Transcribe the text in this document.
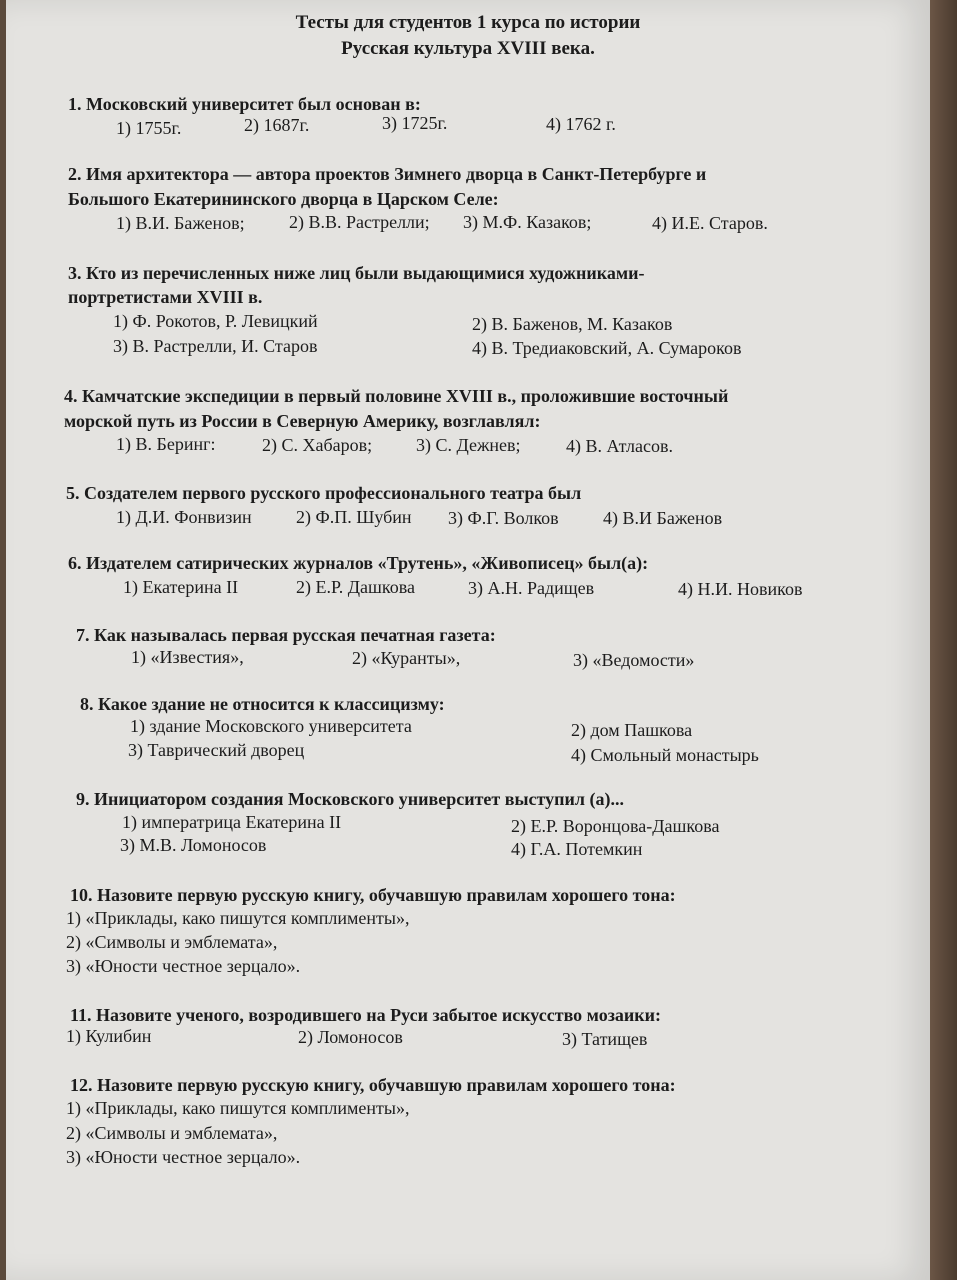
Тесты для студентов 1 курса по истории
Русская культура XVIII века.
1. Московский университет был основан в:
1) 1755г.	2) 1687г.	3) 1725г.	4) 1762 г.
2. Имя архитектора — автора проектов Зимнего дворца в Санкт-Петербурге и
Большого Екатерининского дворца в Царском Селе:
1) В.И. Баженов; 2) В.В. Растрелли; 3) М.Ф. Казаков;	4) И.Е. Старов.
3. Кто из перечисленных ниже лиц были выдающимися художниками-
портретистами XVIII в.
1) Ф. Рокотов, Р. Левицкий	2) В. Баженов, М. Казаков
3) В. Растрелли, И. Старов	4) В. Тредиаковский, А. Сумароков
4. Камчатские экспедиции в первый половине XVIII в., проложившие восточный
морской путь из России в Северную Америку, возглавлял:
1) В. Беринг:	2) С. Хабаров; 3) С. Дежнев;	4) В. Атласов.
5. Создателем первого русского профессионального театра был
1) Д.И. Фонвизин 2) Ф.П. Шубин 3) Ф.Г. Волков 4) В.И Баженов
6. Издателем сатирических журналов «Трутень», «Живописец» был(а):
1) Екатерина II	2) Е.Р. Дашкова	3) А.Н. Радищев	4) Н.И. Новиков
7. Как называлась первая русская печатная газета:
1) «Известия»,	2) «Куранты»,	3) «Ведомости»
8. Какое здание не относится к классицизму:
1) здание Московского университета	2) дом Пашкова
3) Таврический дворец	4) Смольный монастырь
9. Инициатором создания Московского университет выступил (а)...
1) императрица Екатерина II	2) Е.Р. Воронцова-Дашкова
3) М.В. Ломоносов	4) Г.А. Потемкин
10. Назовите первую русскую книгу, обучавшую правилам хорошего тона:
1) «Приклады, како пишутся комплименты»,
2) «Символы и эмблемата»,
3) «Юности честное зерцало».
11. Назовите ученого, возродившего на Руси забытое искусство мозаики:
1) Кулибин	2) Ломоносов	3) Татищев
12. Назовите первую русскую книгу, обучавшую правилам хорошего тона:
1) «Приклады, како пишутся комплименты»,
2) «Символы и эмблемата»,
3) «Юности честное зерцало».
